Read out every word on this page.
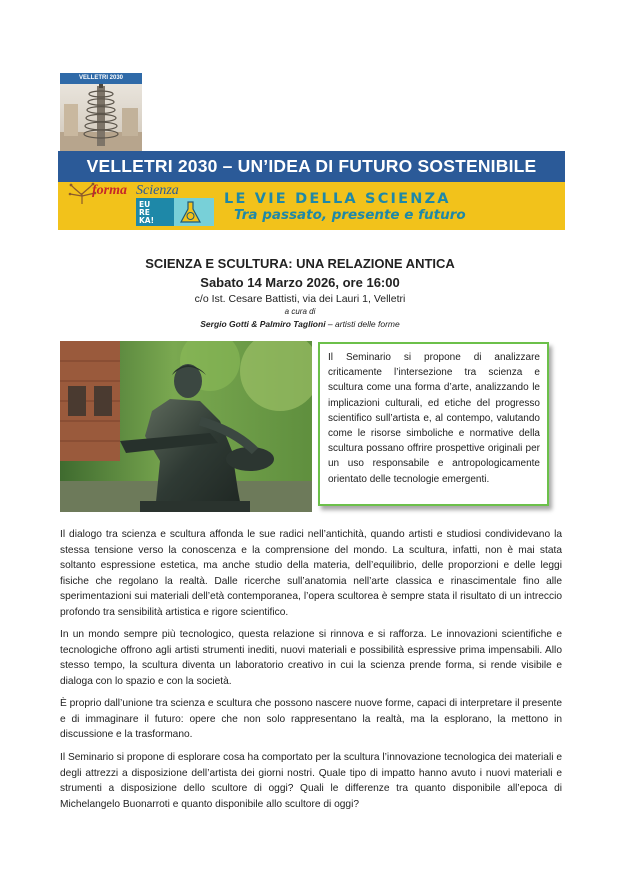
VELLETRI 2030
VELLETRI 2030 – UN’IDEA DI FUTURO SOSTENIBILE
forma Scienza
EU RE KA!
LE VIE DELLA SCIENZA
Tra passato, presente e futuro
SCIENZA E SCULTURA: UNA RELAZIONE ANTICA
Sabato 14 Marzo 2026, ore 16:00
c/o Ist. Cesare Battisti, via dei Lauri 1, Velletri
a cura di
Sergio Gotti & Palmiro Taglioni – artisti delle forme
Il Seminario si propone di analizzare criticamente l’intersezione tra scienza e scultura come una forma d’arte, analizzando le implicazioni culturali, ed etiche del progresso scientifico sull’artista e, al contempo, valutando come le risorse simboliche e normative della scultura possano offrire prospettive originali per un uso responsabile e antropologicamente orientato delle tecnologie emergenti.

Il dialogo tra scienza e scultura affonda le sue radici nell’antichità, quando artisti e studiosi condividevano la stessa tensione verso la conoscenza e la comprensione del mondo. La scultura, infatti, non è mai stata soltanto espressione estetica, ma anche studio della materia, dell’equilibrio, delle proporzioni e delle leggi fisiche che regolano la realtà. Dalle ricerche sull’anatomia nell’arte classica e rinascimentale fino alle sperimentazioni sui materiali dell’età contemporanea, l’opera scultorea è sempre stata il risultato di un intreccio profondo tra sensibilità artistica e rigore scientifico.

In un mondo sempre più tecnologico, questa relazione si rinnova e si rafforza. Le innovazioni scientifiche e tecnologiche offrono agli artisti strumenti inediti, nuovi materiali e possibilità espressive prima impensabili. Allo stesso tempo, la scultura diventa un laboratorio creativo in cui la scienza prende forma, si rende visibile e dialoga con lo spazio e con la società.

È proprio dall’unione tra scienza e scultura che possono nascere nuove forme, capaci di interpretare il presente e di immaginare il futuro: opere che non solo rappresentano la realtà, ma la esplorano, la mettono in discussione e la trasformano.

Il Seminario si propone di esplorare cosa ha comportato per la scultura l’innovazione tecnologica dei materiali e degli attrezzi a disposizione dell’artista dei giorni nostri. Quale tipo di impatto hanno avuto i nuovi materiali e strumenti a disposizione dello scultore di oggi? Quali le differenze tra quanto disponibile all’epoca di Michelangelo Buonarroti e quanto disponibile allo scultore di oggi?
